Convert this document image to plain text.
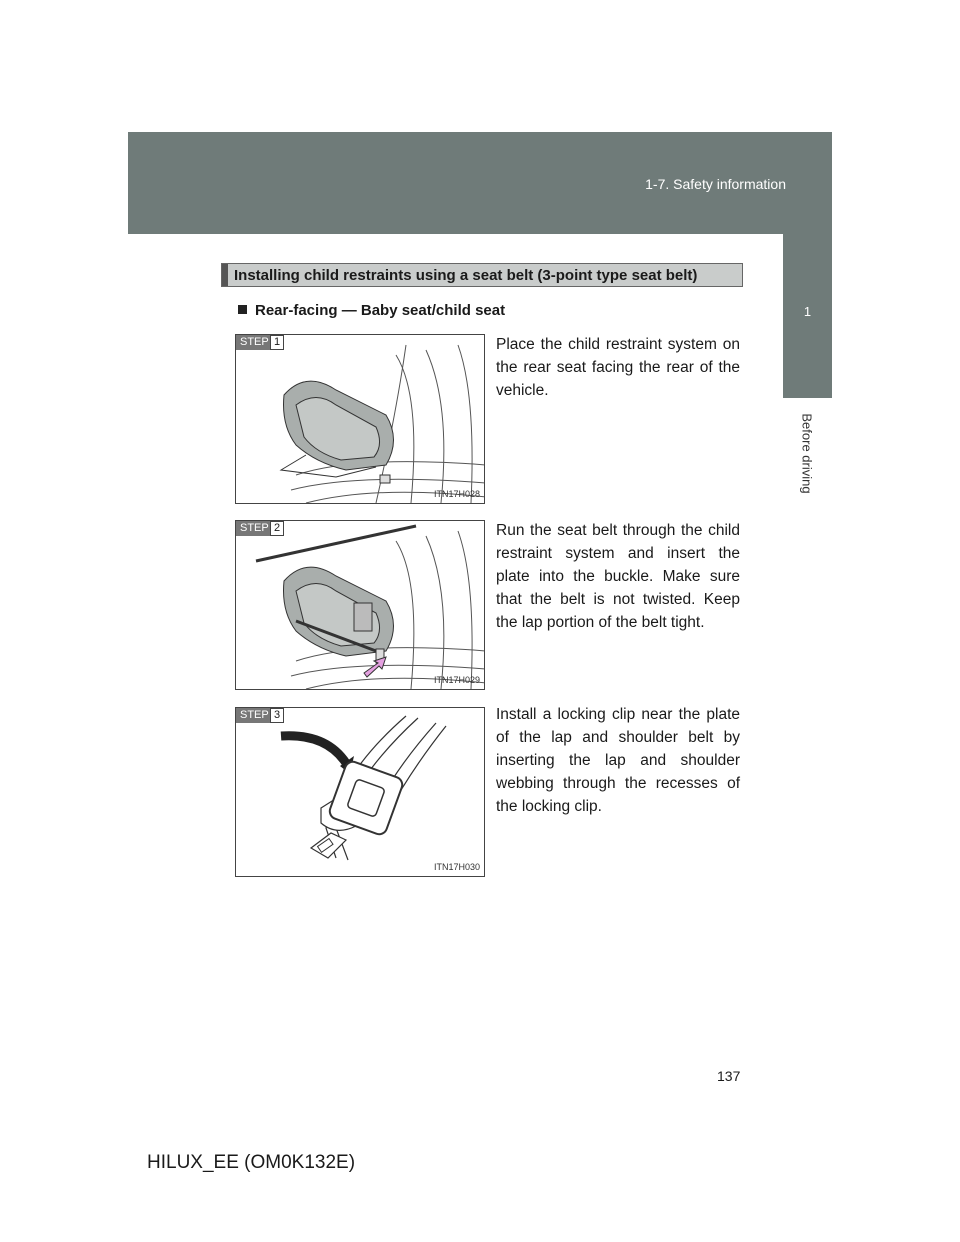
1-7. Safety information
1
Before driving
Installing child restraints using a seat belt (3-point type seat belt)
Rear-facing — Baby seat/child seat
STEP 1
ITN17H028
Place the child restraint system on the rear seat facing the rear of the vehicle.
STEP 2
ITN17H029
Run the seat belt through the child restraint system and insert the plate into the buckle. Make sure that the belt is not twisted. Keep the lap portion of the belt tight.
STEP 3
ITN17H030
Install a locking clip near the plate of the lap and shoulder belt by inserting the lap and shoulder webbing through the recesses of the locking clip.
137
HILUX_EE (OM0K132E)
